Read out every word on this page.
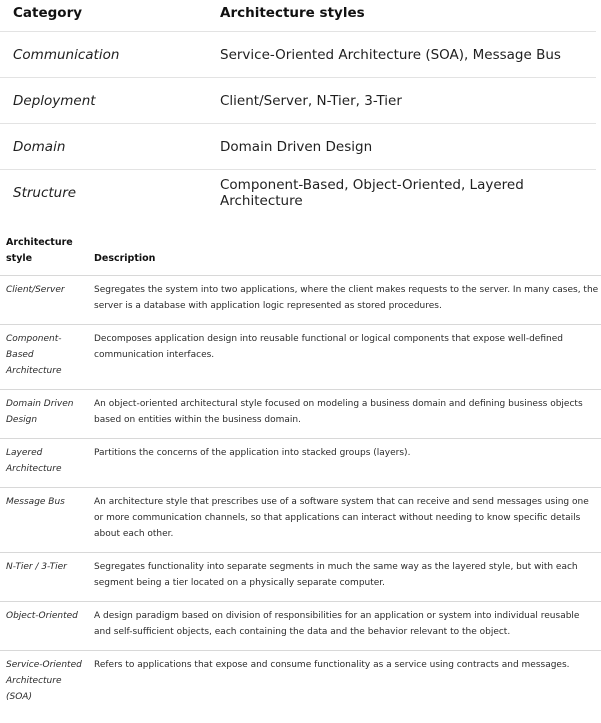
Category	Architecture styles
Communication	Service-Oriented Architecture (SOA), Message Bus
Deployment	Client/Server, N-Tier, 3-Tier
Domain	Domain Driven Design
Structure	Component-Based, Object-Oriented, Layered Architecture
Architecture style	Description
Client/Server	Segregates the system into two applications, where the client makes requests to the server. In many cases, the server is a database with application logic represented as stored procedures.
Component-Based Architecture	Decomposes application design into reusable functional or logical components that expose well-defined communication interfaces.
Domain Driven Design	An object-oriented architectural style focused on modeling a business domain and defining business objects based on entities within the business domain.
Layered Architecture	Partitions the concerns of the application into stacked groups (layers).
Message Bus	An architecture style that prescribes use of a software system that can receive and send messages using one or more communication channels, so that applications can interact without needing to know specific details about each other.
N-Tier / 3-Tier	Segregates functionality into separate segments in much the same way as the layered style, but with each segment being a tier located on a physically separate computer.
Object-Oriented	A design paradigm based on division of responsibilities for an application or system into individual reusable and self-sufficient objects, each containing the data and the behavior relevant to the object.
Service-Oriented Architecture (SOA)	Refers to applications that expose and consume functionality as a service using contracts and messages.
